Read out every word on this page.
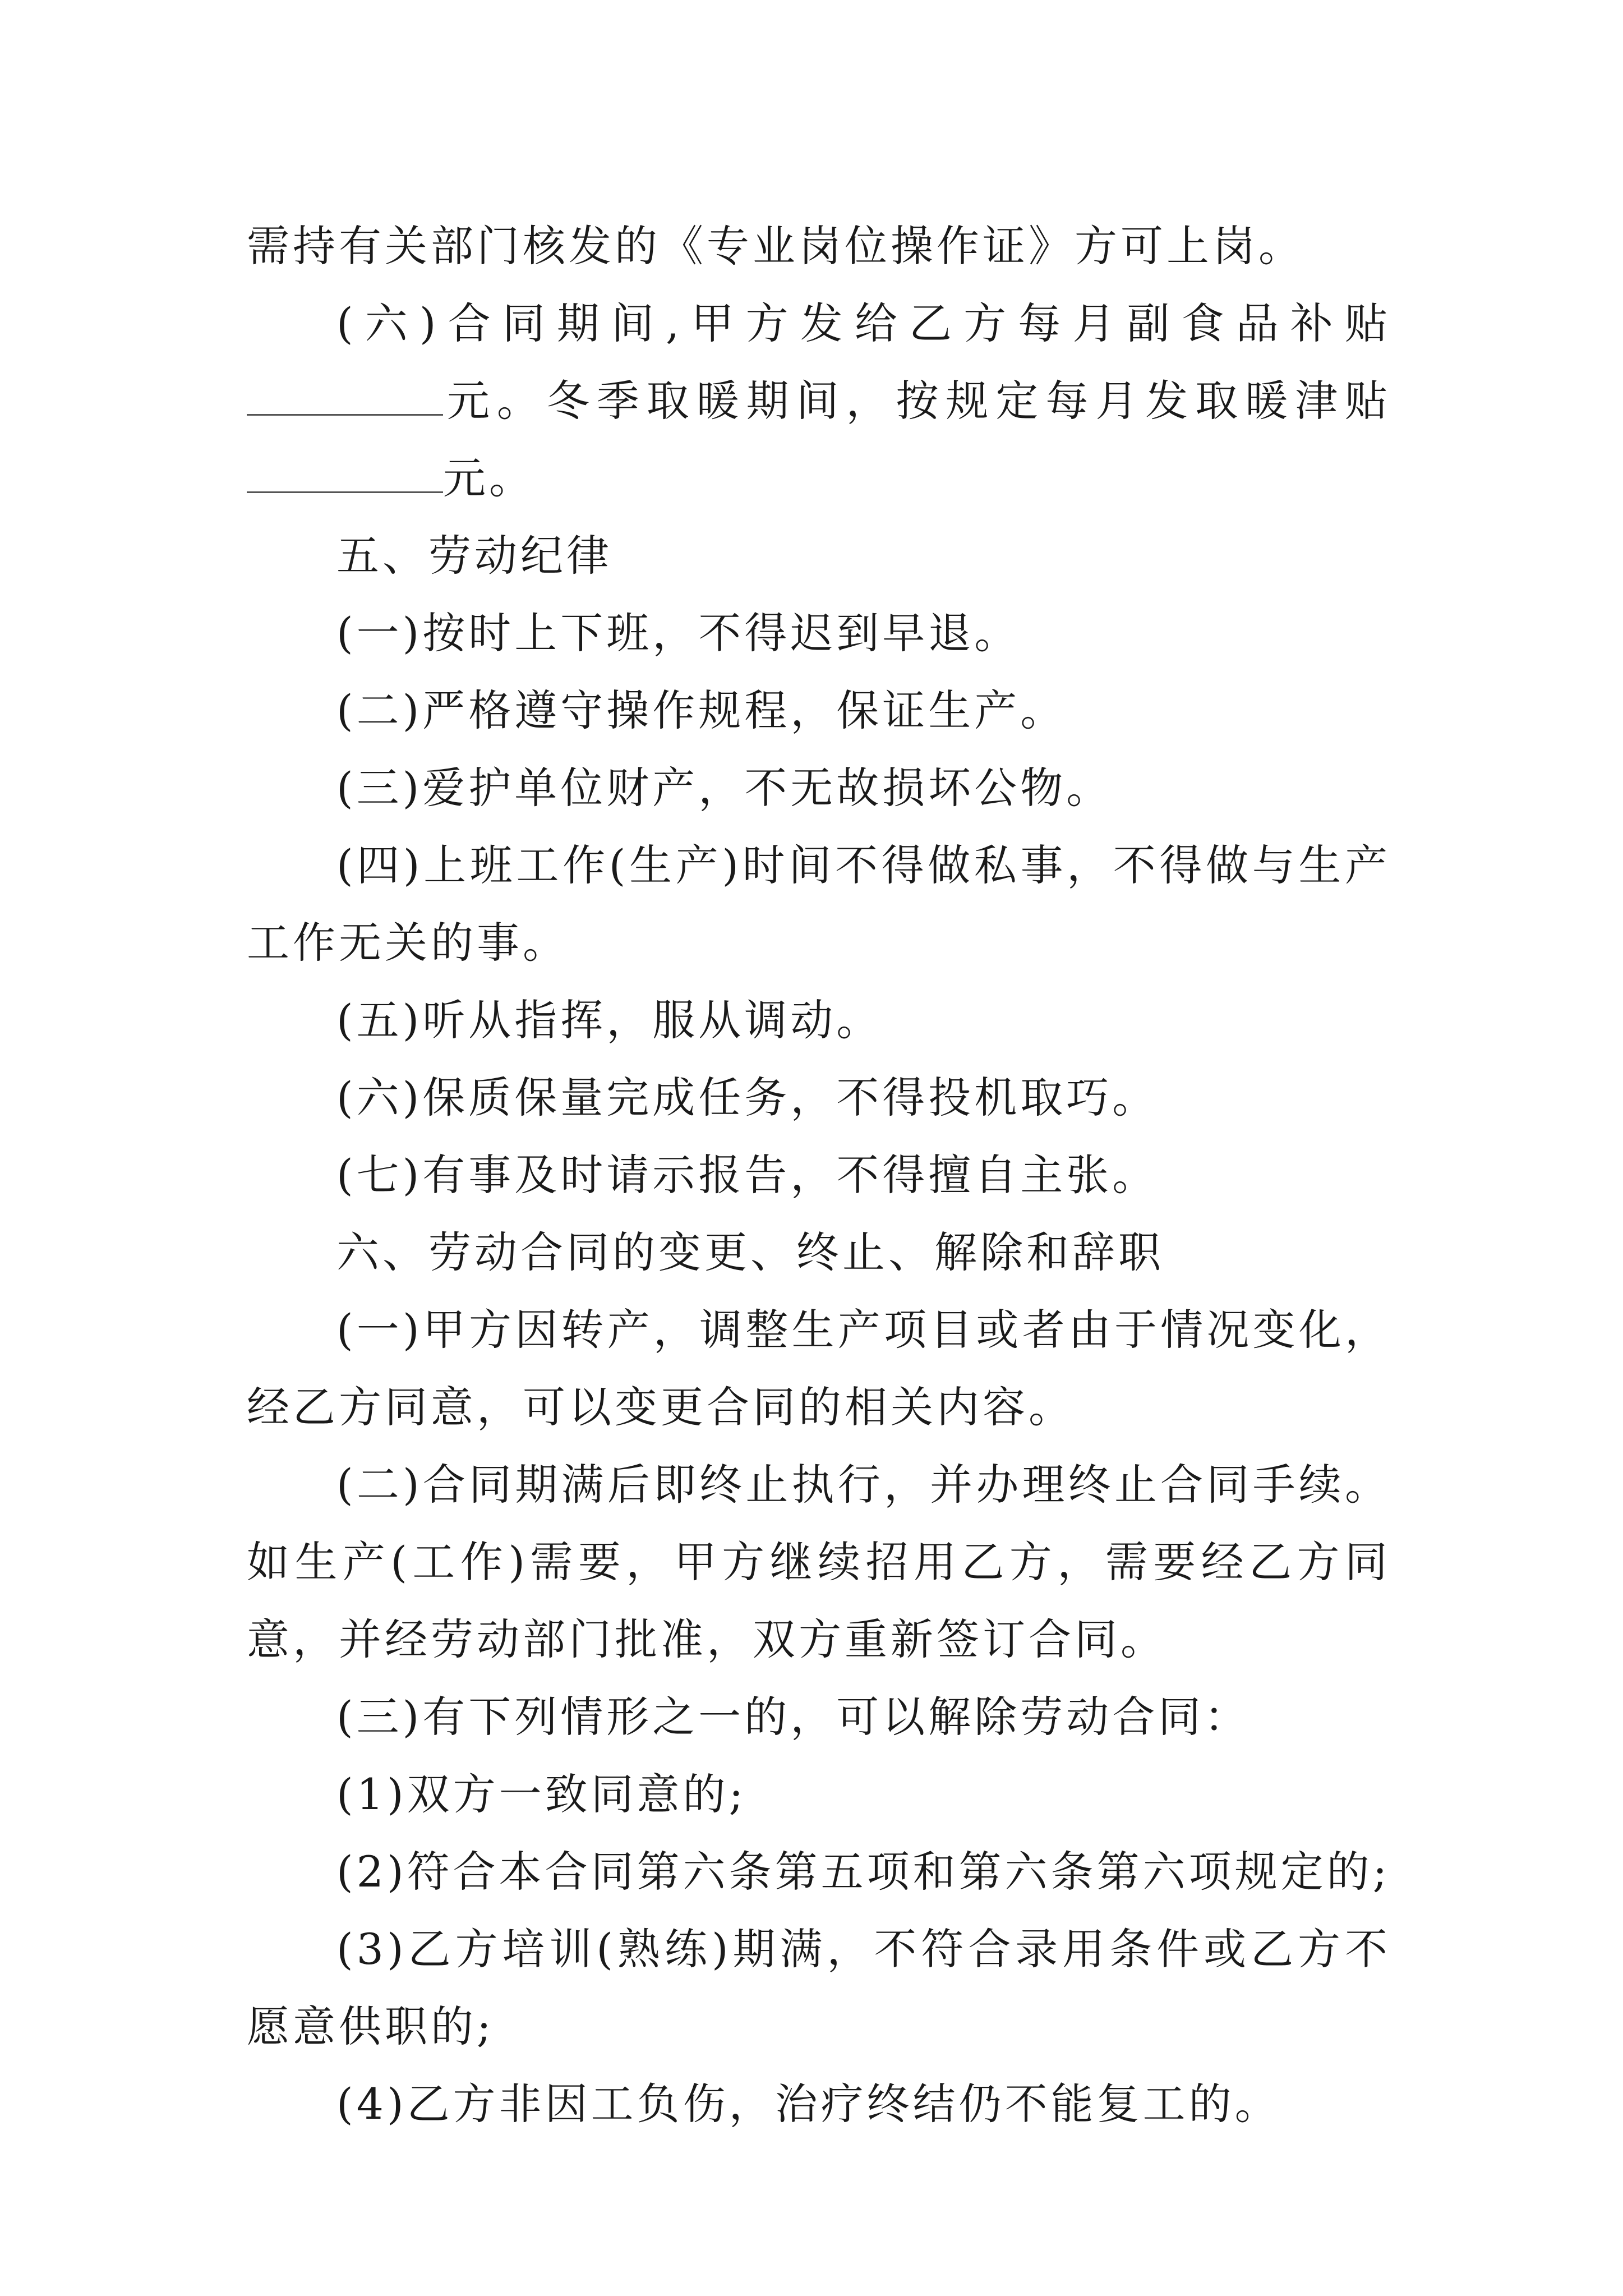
需持有关部门核发的《专业岗位操作证》方可上岗。

(六)合同期间,甲方发给乙方每月副食品补贴元。冬季取暖期间，按规定每月发取暖津贴元。

五、劳动纪律

(一)按时上下班，不得迟到早退。

(二)严格遵守操作规程，保证生产。

(三)爱护单位财产，不无故损坏公物。

(四)上班工作(生产)时间不得做私事，不得做与生产工作无关的事。

(五)听从指挥，服从调动。

(六)保质保量完成任务，不得投机取巧。

(七)有事及时请示报告，不得擅自主张。

六、劳动合同的变更、终止、解除和辞职

(一)甲方因转产，调整生产项目或者由于情况变化，经乙方同意，可以变更合同的相关内容。

(二)合同期满后即终止执行，并办理终止合同手续。如生产(工作)需要，甲方继续招用乙方，需要经乙方同意，并经劳动部门批准，双方重新签订合同。

(三)有下列情形之一的，可以解除劳动合同：

(1)双方一致同意的;

(2)符合本合同第六条第五项和第六条第六项规定的;

(3)乙方培训(熟练)期满，不符合录用条件或乙方不愿意供职的;

(4)乙方非因工负伤，治疗终结仍不能复工的。
